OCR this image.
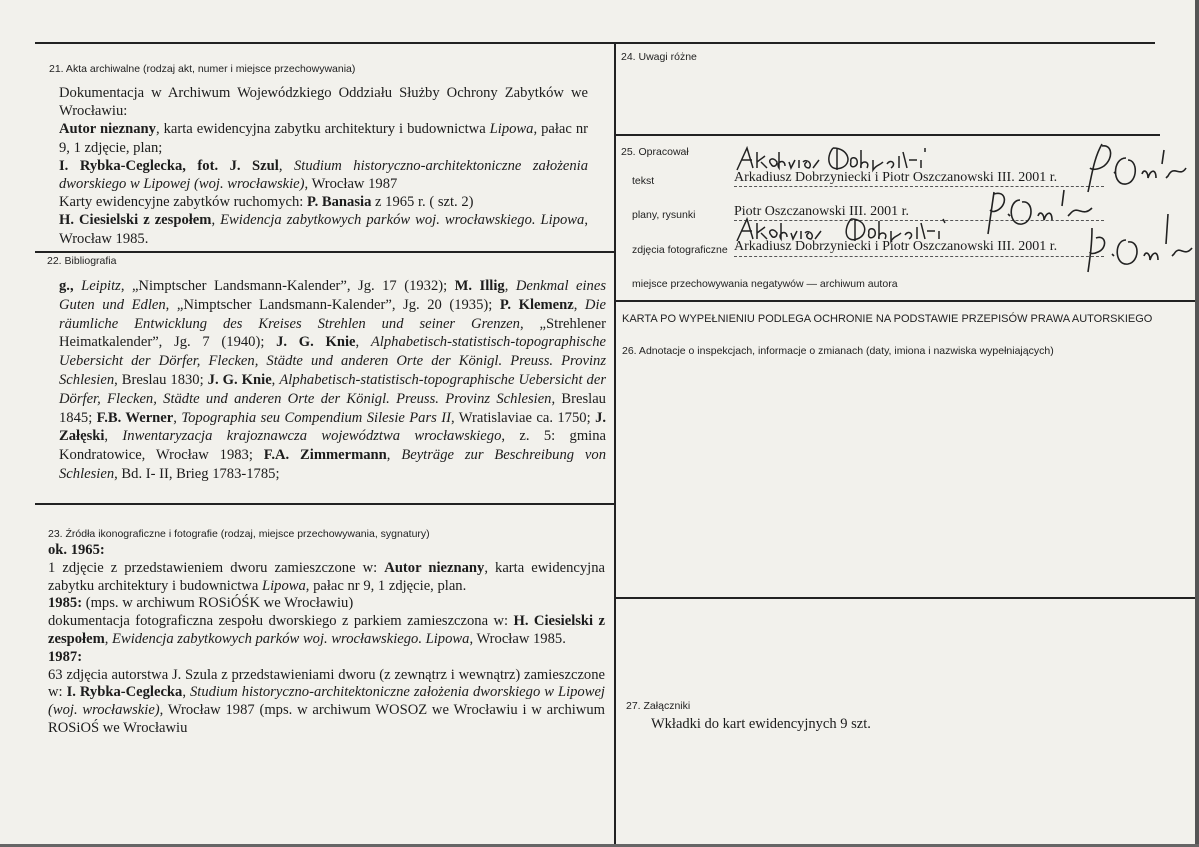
21. Akta archiwalne (rodzaj akt, numer i miejsce przechowywania)

Dokumentacja w Archiwum Wojewódzkiego Oddziału Służby Ochrony Zabytków we Wrocławiu:

Autor nieznany, karta ewidencyjna zabytku architektury i budownictwa Lipowa, pałac nr 9, 1 zdjęcie, plan;

I. Rybka-Ceglecka, fot. J. Szul, Studium historyczno-architektoniczne założenia dworskiego w Lipowej (woj. wrocławskie), Wrocław 1987

Karty ewidencyjne zabytków ruchomych: P. Banasia z 1965 r. ( szt. 2)

H. Ciesielski z zespołem, Ewidencja zabytkowych parków woj. wrocławskiego. Lipowa, Wrocław 1985.

22. Bibliografia

g., Leipitz, „Nimptscher Landsmann-Kalender”, Jg. 17 (1932); M. Illig, Denkmal eines Guten und Edlen, „Nimptscher Landsmann-Kalender”, Jg. 20 (1935); P. Klemenz, Die räumliche Entwicklung des Kreises Strehlen und seiner Grenzen, „Strehlener Heimatkalender”, Jg. 7 (1940); J. G. Knie, Alphabetisch-statistisch-topographische Uebersicht der Dörfer, Flecken, Städte und anderen Orte der Königl. Preuss. Provinz Schlesien, Breslau 1830; J. G. Knie, Alphabetisch-statistisch-topographische Uebersicht der Dörfer, Flecken, Städte und anderen Orte der Königl. Preuss. Provinz Schlesien, Breslau 1845; F.B. Werner, Topographia seu Compendium Silesie Pars II, Wratislaviae ca. 1750; J. Załęski, Inwentaryzacja krajoznawcza województwa wrocławskiego, z. 5: gmina Kondratowice, Wrocław 1983; F.A. Zimmermann, Beyträge zur Beschreibung von Schlesien, Bd. I- II, Brieg 1783-1785;

23. Źródła ikonograficzne i fotografie (rodzaj, miejsce przechowywania, sygnatury)

ok. 1965:

1 zdjęcie z przedstawieniem dworu zamieszczone w: Autor nieznany, karta ewidencyjna zabytku architektury i budownictwa Lipowa, pałac nr 9, 1 zdjęcie, plan.

1985: (mps. w archiwum ROSiÓŚK we Wrocławiu)

dokumentacja fotograficzna zespołu dworskiego z parkiem zamieszczona w: H. Ciesielski z zespołem, Ewidencja zabytkowych parków woj. wrocławskiego. Lipowa, Wrocław 1985.

1987:

63 zdjęcia autorstwa J. Szula z przedstawieniami dworu (z zewnątrz i wewnątrz) zamieszczone w: I. Rybka-Ceglecka, Studium historyczno-architektoniczne założenia dworskiego w Lipowej (woj. wrocławskie), Wrocław 1987 (mps. w archiwum WOSOZ we Wrocławiu i w archiwum ROSiOŚ we Wrocławiu

24. Uwagi różne
25. Opracował
tekst	Arkadiusz Dobrzyniecki i Piotr Oszczanowski III. 2001 r.
plany, rysunki	Piotr Oszczanowski III. 2001 r.
zdjęcia fotograficzne Arkadiusz Dobrzyniecki i Piotr Oszczanowski III. 2001 r.
miejsce przechowywania negatywów — archiwum autora
KARTA PO WYPEŁNIENIU PODLEGA OCHRONIE NA PODSTAWIE PRZEPISÓW PRAWA AUTORSKIEGO
26. Adnotacje o inspekcjach, informacje o zmianach (daty, imiona i nazwiska wypełniających)
27. Załączniki
Wkładki do kart ewidencyjnych 9 szt.
